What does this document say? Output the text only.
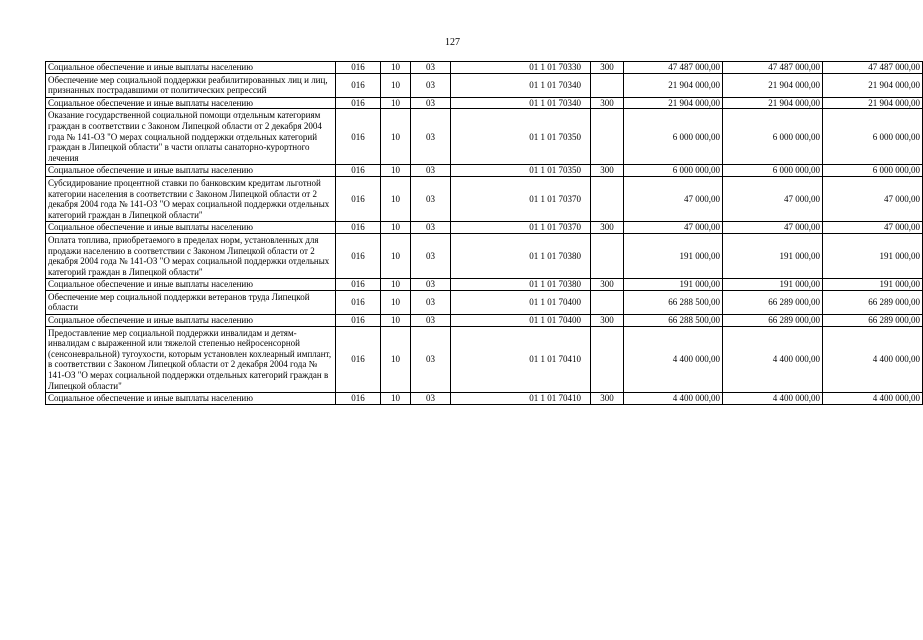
127
Социальное обеспечение и иные выплаты населению	016	10	03	01 1 01 70330	300	47 487 000,00	47 487 000,00	47 487 000,00
Обеспечение мер социальной поддержки реабилитированных лиц и лиц, признанных пострадавшими от политических репрессий	016	10	03	01 1 01 70340		21 904 000,00	21 904 000,00	21 904 000,00
Социальное обеспечение и иные выплаты населению	016	10	03	01 1 01 70340	300	21 904 000,00	21 904 000,00	21 904 000,00
Оказание государственной социальной помощи отдельным категориям граждан в соответствии с Законом Липецкой области от 2 декабря 2004 года № 141-ОЗ "О мерах социальной поддержки отдельных категорий граждан в Липецкой области" в части оплаты санаторно-курортного лечения	016	10	03	01 1 01 70350		6 000 000,00	6 000 000,00	6 000 000,00
Социальное обеспечение и иные выплаты населению	016	10	03	01 1 01 70350	300	6 000 000,00	6 000 000,00	6 000 000,00
Субсидирование процентной ставки по банковским кредитам льготной категории населения в соответствии с Законом Липецкой области от 2 декабря 2004 года № 141-ОЗ "О мерах социальной поддержки отдельных категорий граждан в Липецкой области"	016	10	03	01 1 01 70370		47 000,00	47 000,00	47 000,00
Социальное обеспечение и иные выплаты населению	016	10	03	01 1 01 70370	300	47 000,00	47 000,00	47 000,00
Оплата топлива, приобретаемого в пределах норм, установленных для продажи населению в соответствии с Законом Липецкой области от 2 декабря 2004 года № 141-ОЗ "О мерах социальной поддержки отдельных категорий граждан в Липецкой области"	016	10	03	01 1 01 70380		191 000,00	191 000,00	191 000,00
Социальное обеспечение и иные выплаты населению	016	10	03	01 1 01 70380	300	191 000,00	191 000,00	191 000,00
Обеспечение мер социальной поддержки ветеранов труда Липецкой области	016	10	03	01 1 01 70400		66 288 500,00	66 289 000,00	66 289 000,00
Социальное обеспечение и иные выплаты населению	016	10	03	01 1 01 70400	300	66 288 500,00	66 289 000,00	66 289 000,00
Предоставление мер социальной поддержки инвалидам и детям-инвалидам с выраженной или тяжелой степенью нейросенсорной (сенсоневральной) тугоухости, которым установлен кохлеарный имплант, в соответствии с Законом Липецкой области от 2 декабря 2004 года № 141-ОЗ "О мерах социальной поддержки отдельных категорий граждан в Липецкой области"	016	10	03	01 1 01 70410		4 400 000,00	4 400 000,00	4 400 000,00
Социальное обеспечение и иные выплаты населению	016	10	03	01 1 01 70410	300	4 400 000,00	4 400 000,00	4 400 000,00
